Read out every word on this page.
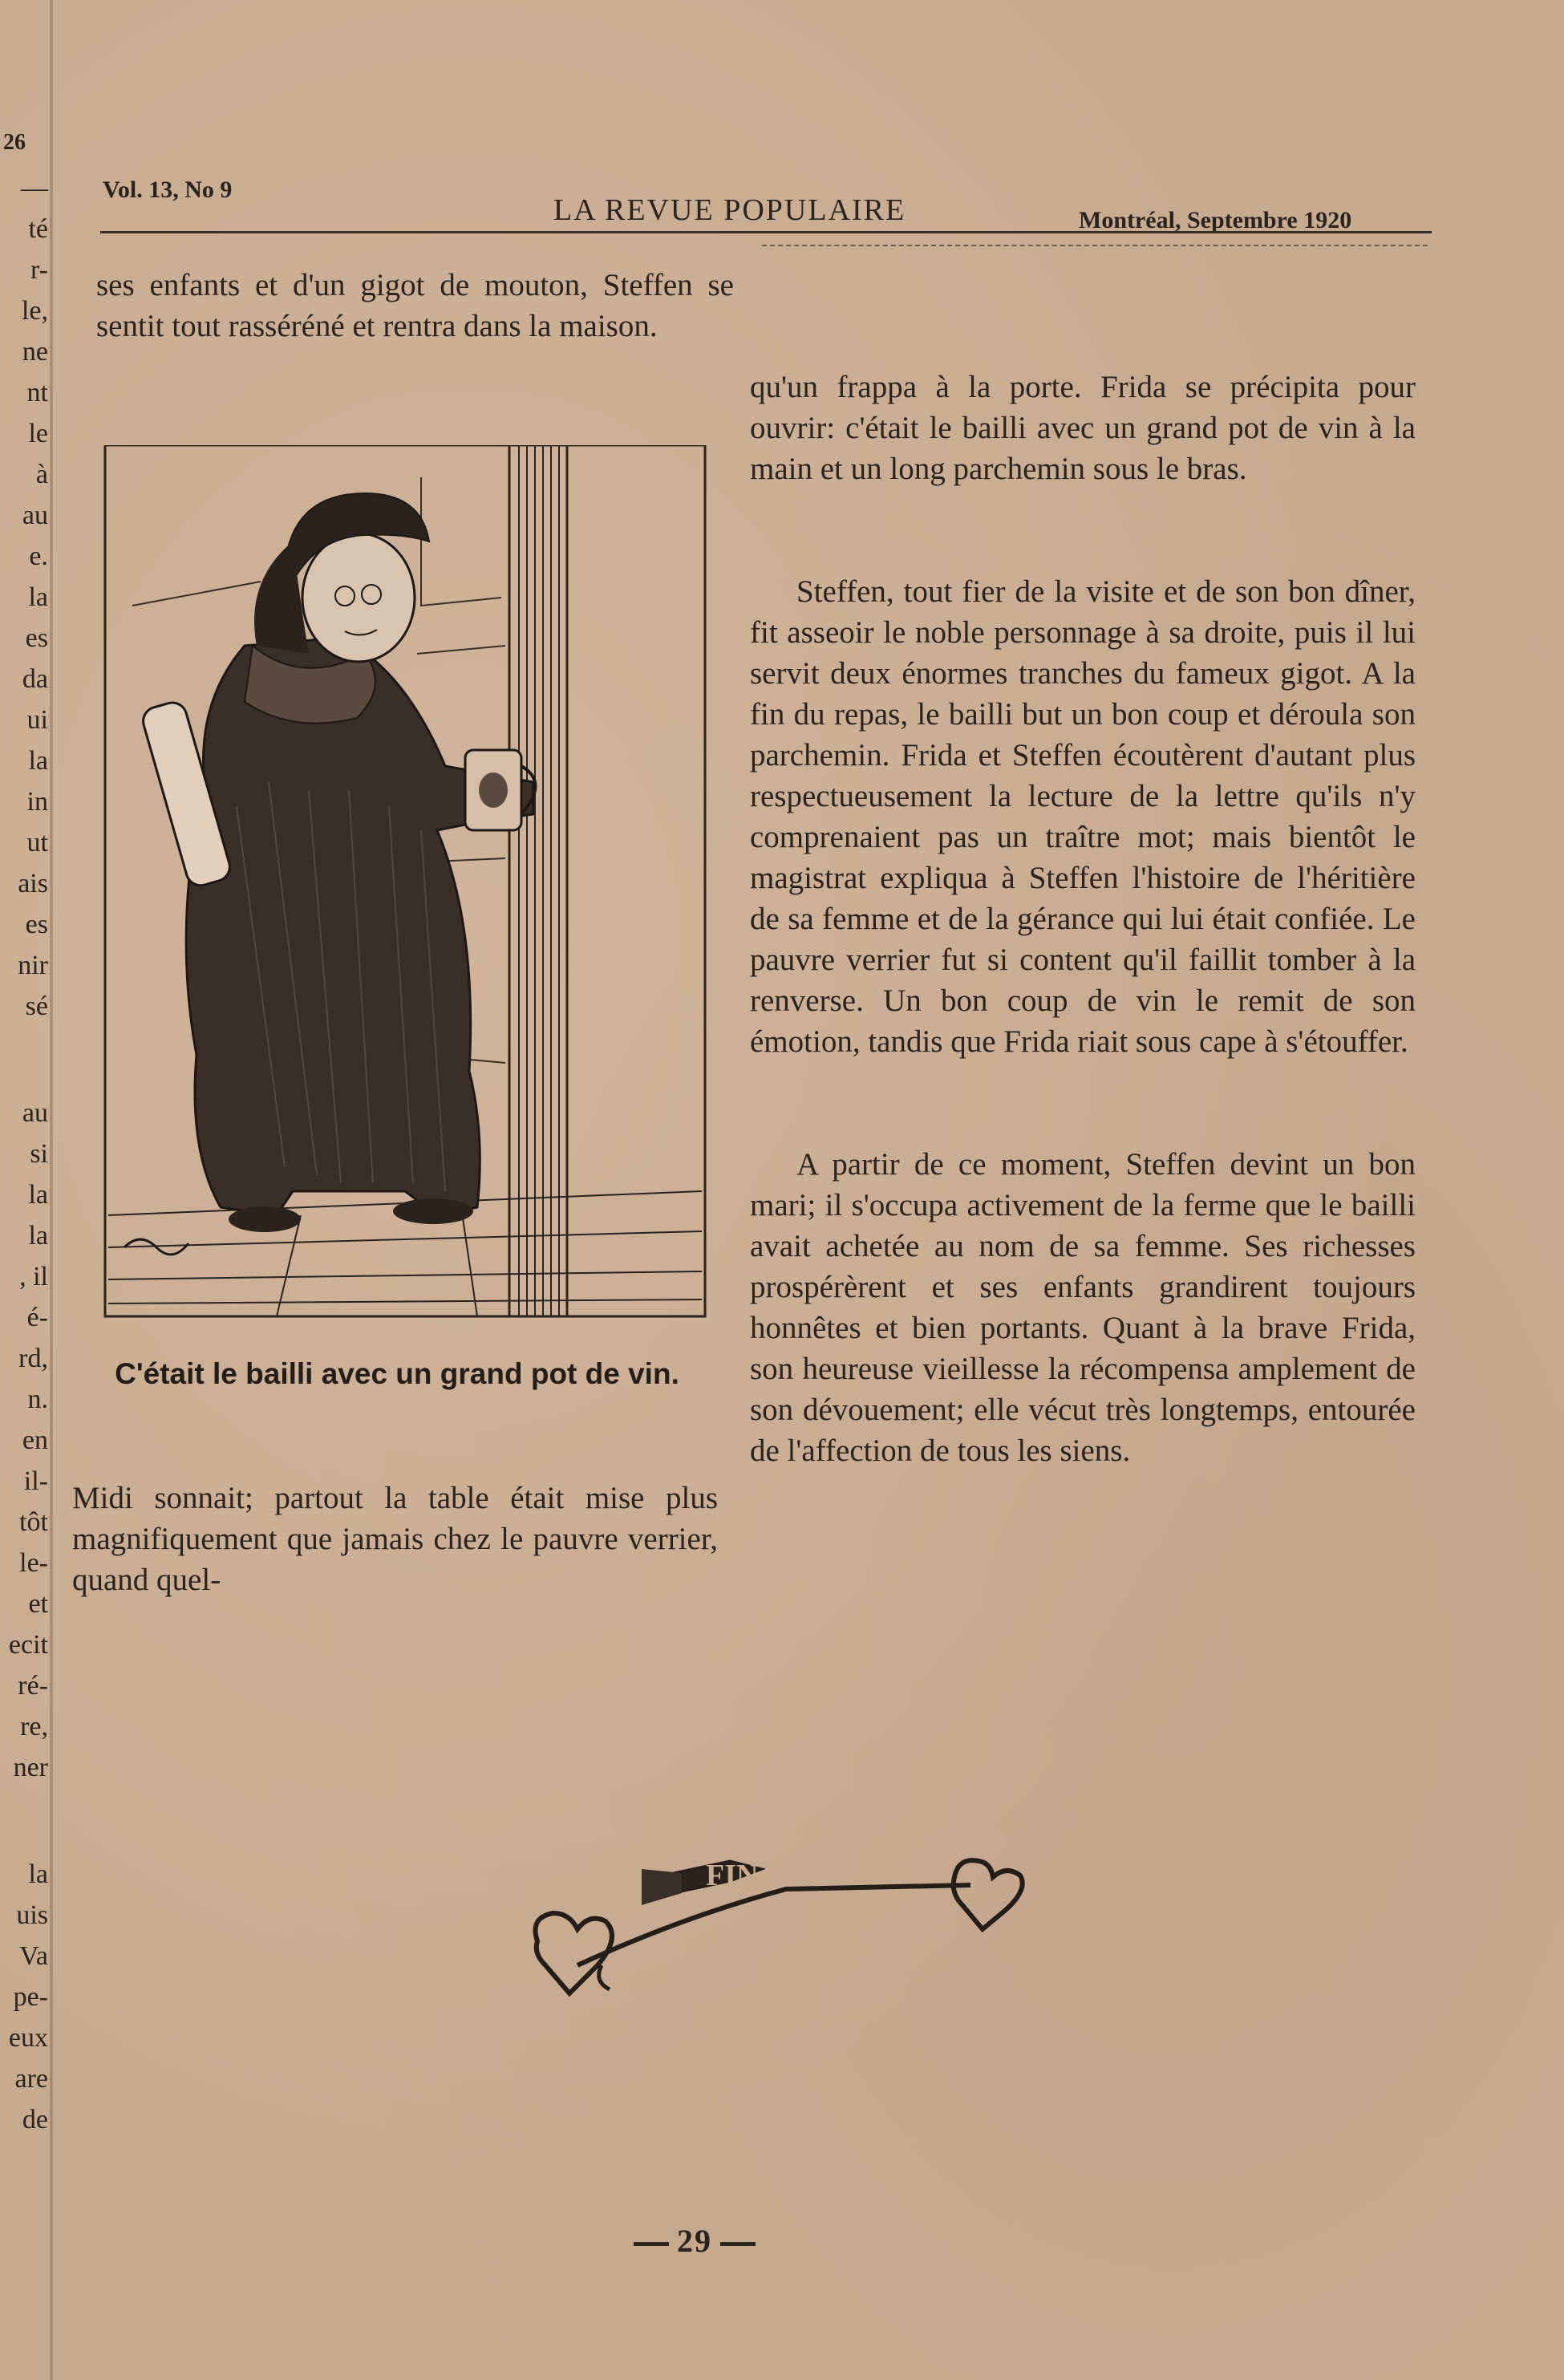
26
—
té
r-
le,
ne
nt
le
à
au
e.
la
es
da
ui
la
in
ut
ais
es
nir
sé
au
si
la
la
, il
é-
rd,
n.
en
il-
tôt
le-
et
ecit
ré-
re,
ner
la
uis
Va
pe-
eux
are
de
Vol. 13, No 9
LA REVUE POPULAIRE	Montréal, Septembre 1920
ses enfants et d'un gigot de mouton, Steffen se sentit tout rasséréné et rentra dans la maison.
C'était le bailli avec un grand pot de vin.
Midi sonnait; partout la table était mise plus magnifiquement que jamais chez le pauvre verrier, quand quel-

qu'un frappa à la porte. Frida se précipita pour ouvrir: c'était le bailli avec un grand pot de vin à la main et un long parchemin sous le bras.

Steffen, tout fier de la visite et de son bon dîner, fit asseoir le noble personnage à sa droite, puis il lui servit deux énormes tranches du fameux gigot. A la fin du repas, le bailli but un bon coup et déroula son parchemin. Frida et Steffen écoutèrent d'autant plus respectueusement la lecture de la lettre qu'ils n'y comprenaient pas un traître mot; mais bientôt le magistrat expliqua à Steffen l'histoire de l'héritière de sa femme et de la gérance qui lui était confiée. Le pauvre verrier fut si content qu'il faillit tomber à la renverse. Un bon coup de vin le remit de son émotion, tandis que Frida riait sous cape à s'étouffer.

A partir de ce moment, Steffen devint un bon mari; il s'occupa activement de la ferme que le bailli avait achetée au nom de sa femme. Ses richesses prospérèrent et ses enfants grandirent toujours honnêtes et bien portants. Quant à la brave Frida, son heureuse vieillesse la récompensa amplement de son dévouement; elle vécut très longtemps, entourée de l'affection de tous les siens.

FIN
29
